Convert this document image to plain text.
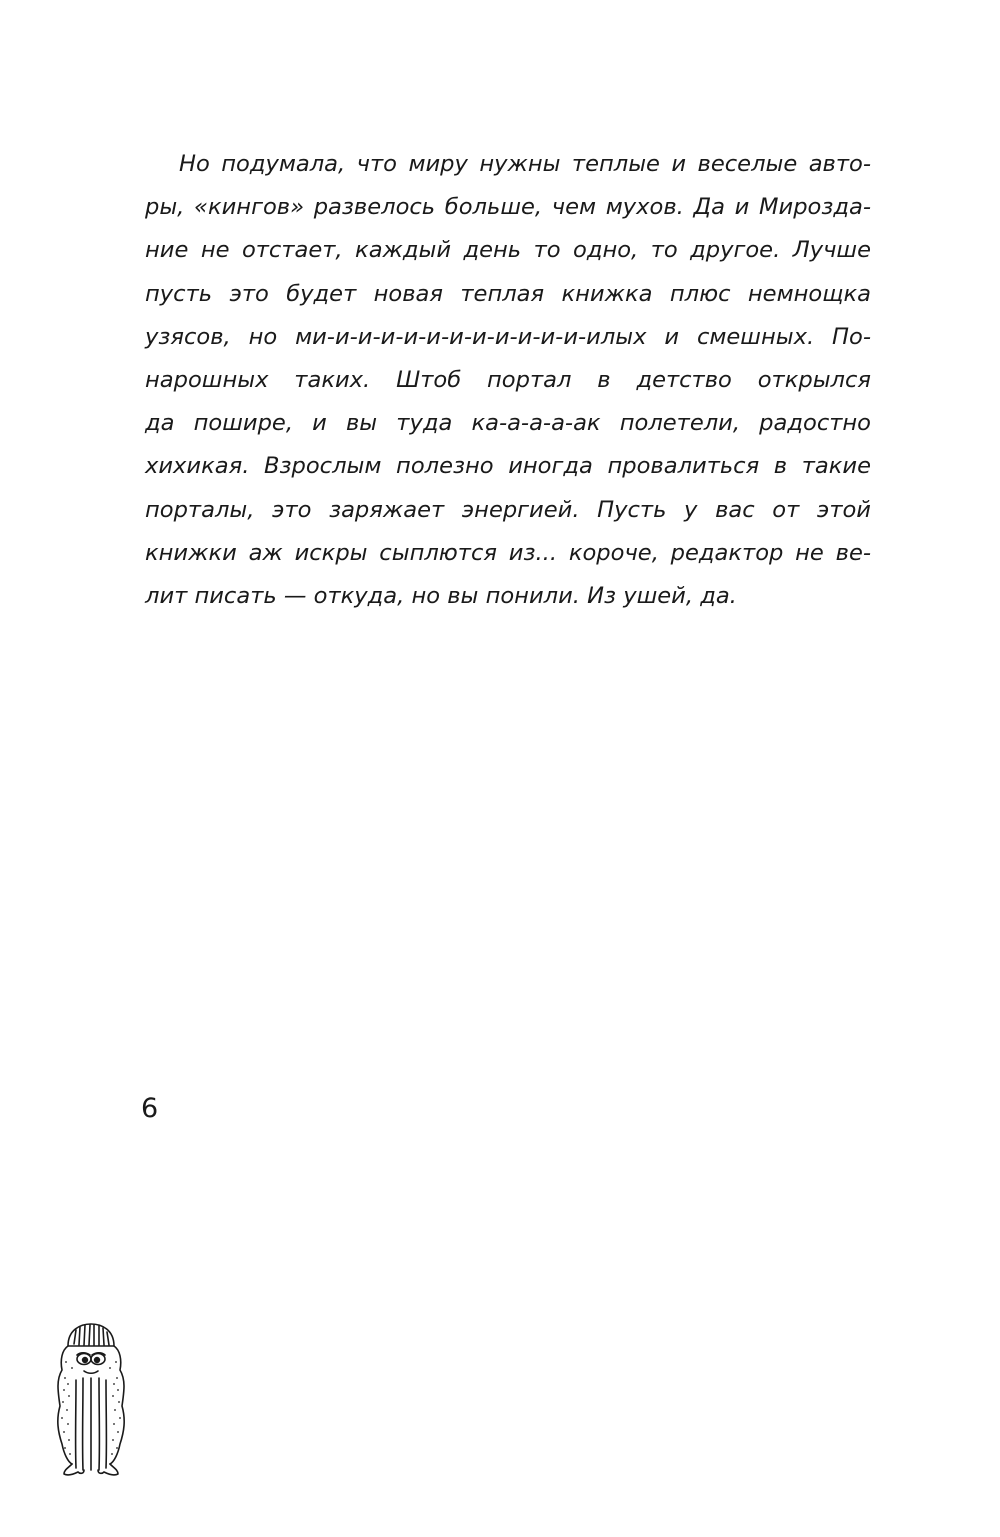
Но подумала, что миру нужны теплые и веселые авто-
ры, «кингов» развелось больше, чем мухов. Да и Мирозда-
ние не отстает, каждый день то одно, то другое. Лучше
пусть это будет новая теплая книжка плюс немнощка
узясов, но ми-и-и-и-и-и-и-и-и-и-и-и-илых и смешных. По-
нарошных таких. Штоб портал в детство открылся
да пошире, и вы туда ка-а-а-а-ак полетели, радостно
хихикая. Взрослым полезно иногда провалиться в такие
порталы, это заряжает энергией. Пусть у вас от этой
книжки аж искры сыплются из... короче, редактор не ве-
лит писать — откуда, но вы понили. Из ушей, да.
6
